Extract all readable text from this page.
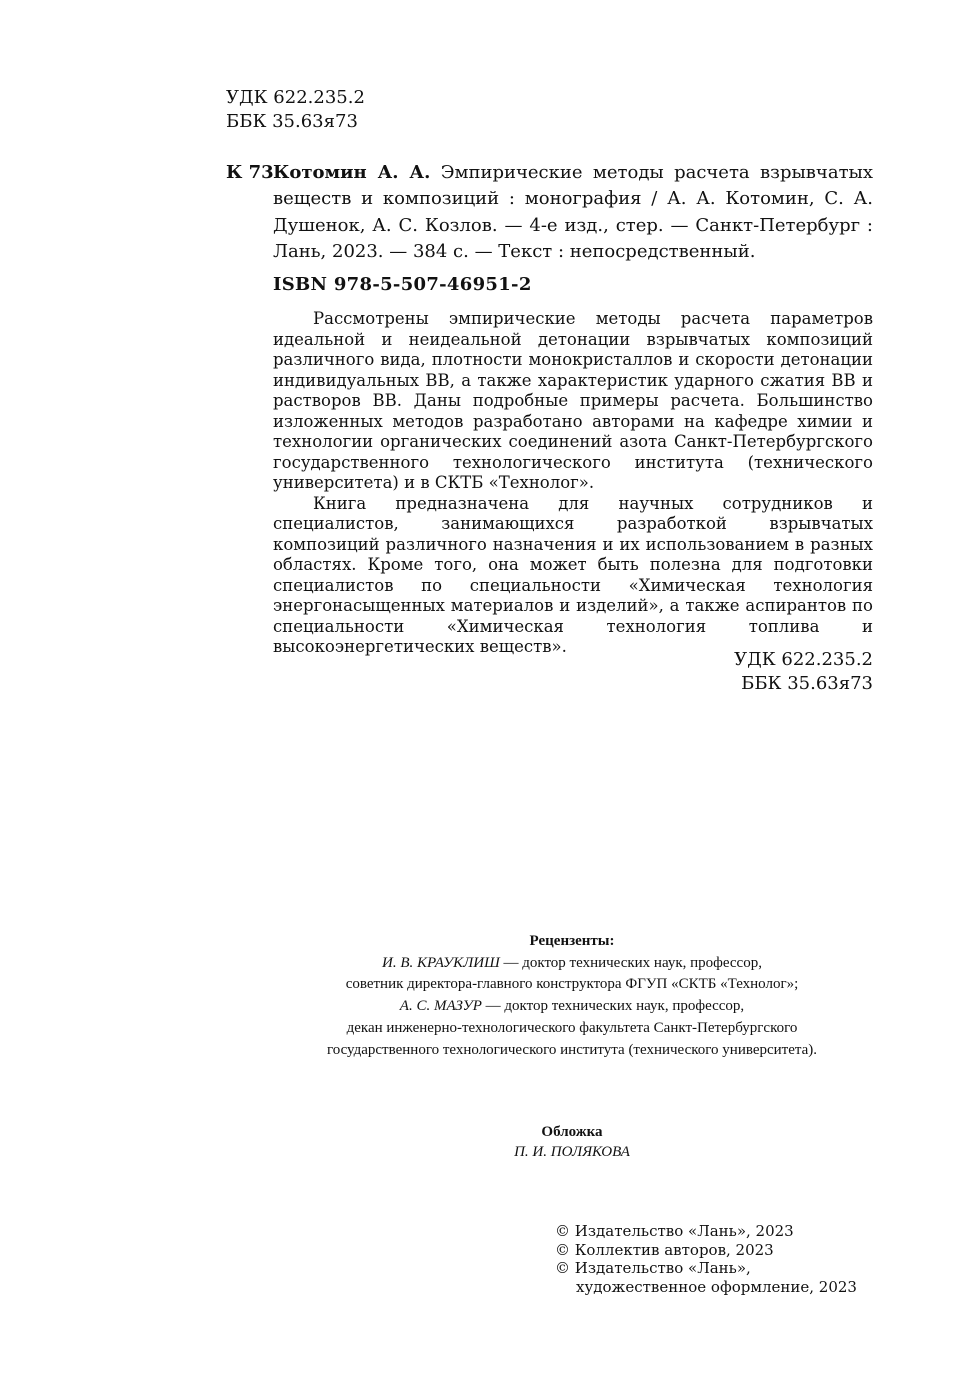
УДК 622.235.2
ББК 35.63я73
К 73 Котомин А. А. Эмпирические методы расчета взрывчатых веществ и композиций : монография / А. А. Котомин, С. А. Душенок, А. С. Козлов. — 4-е изд., стер. — Санкт-Петербург : Лань, 2023. — 384 с. — Текст : непосредственный.
ISBN 978-5-507-46951-2

Рассмотрены эмпирические методы расчета параметров идеальной и неидеальной детонации взрывчатых композиций различного вида, плотности монокристаллов и скорости детонации индивидуальных ВВ, а также характеристик ударного сжатия ВВ и растворов ВВ. Даны подробные примеры расчета. Большинство изложенных методов разработано авторами на кафедре химии и технологии органических соединений азота Санкт-Петербургского государственного технологического института (технического университета) и в СКТБ «Технолог».

Книга предназначена для научных сотрудников и специалистов, занимающихся разработкой взрывчатых композиций различного назначения и их использованием в разных областях. Кроме того, она может быть полезна для подготовки специалистов по специальности «Химическая технология энергонасыщенных материалов и изделий», а также аспирантов по специальности «Химическая технология топлива и высокоэнергетических веществ».

УДК 622.235.2
ББК 35.63я73
Рецензенты:
И. В. КРАУКЛИШ — доктор технических наук, профессор,
советник директора-главного конструктора ФГУП «СКТБ «Технолог»;
А. С. МАЗУР — доктор технических наук, профессор,
декан инженерно-технологического факультета Санкт-Петербургского
государственного технологического института (технического университета).
Обложка
П. И. ПОЛЯКОВА
© Издательство «Лань», 2023
© Коллектив авторов, 2023
© Издательство «Лань»,
художественное оформление, 2023
